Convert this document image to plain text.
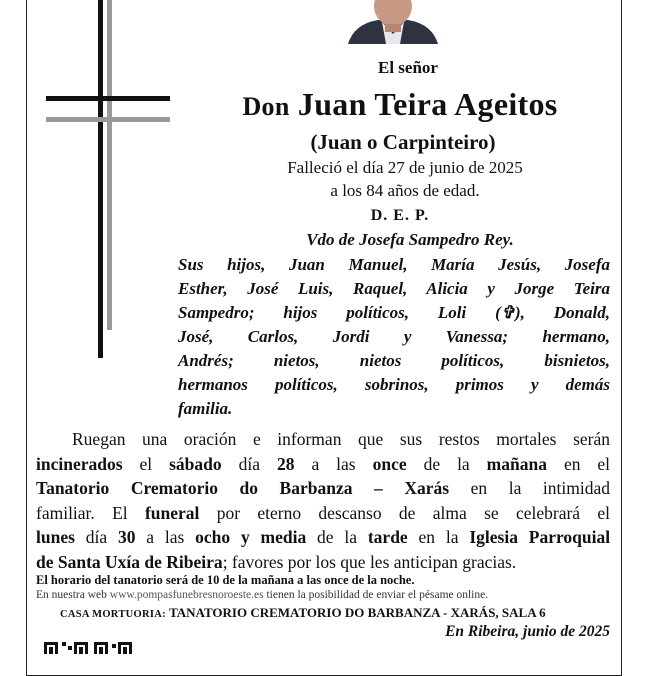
El señor
Don Juan Teira Ageitos
(Juan o Carpinteiro)
Falleció el día 27 de junio de 2025
a los 84 años de edad.
D. E. P.
Vdo de Josefa Sampedro Rey.
Sus hijos, Juan Manuel, María Jesús, Josefa
Esther, José Luis, Raquel, Alicia y Jorge Teira
Sampedro; hijos políticos, Loli (✞), Donald,
José, Carlos, Jordi y Vanessa; hermano,
Andrés; nietos, nietos políticos, bisnietos,
hermanos políticos, sobrinos, primos y demás
familia.
Ruegan una oración e informan que sus restos mortales serán
incinerados el sábado día 28 a las once de la mañana en el
Tanatorio Crematorio do Barbanza – Xarás en la intimidad
familiar. El funeral por eterno descanso de alma se celebrará el
lunes día 30 a las ocho y media de la tarde en la Iglesia Parroquial
de Santa Uxía de Ribeira; favores por los que les anticipan gracias.
El horario del tanatorio será de 10 de la mañana a las once de la noche.
En nuestra web www.pompasfunebresnoroeste.es tienen la posibilidad de enviar el pésame online.
CASA MORTUORIA: TANATORIO CREMATORIO DO BARBANZA - XARÁS, SALA 6
En Ribeira, junio de 2025
